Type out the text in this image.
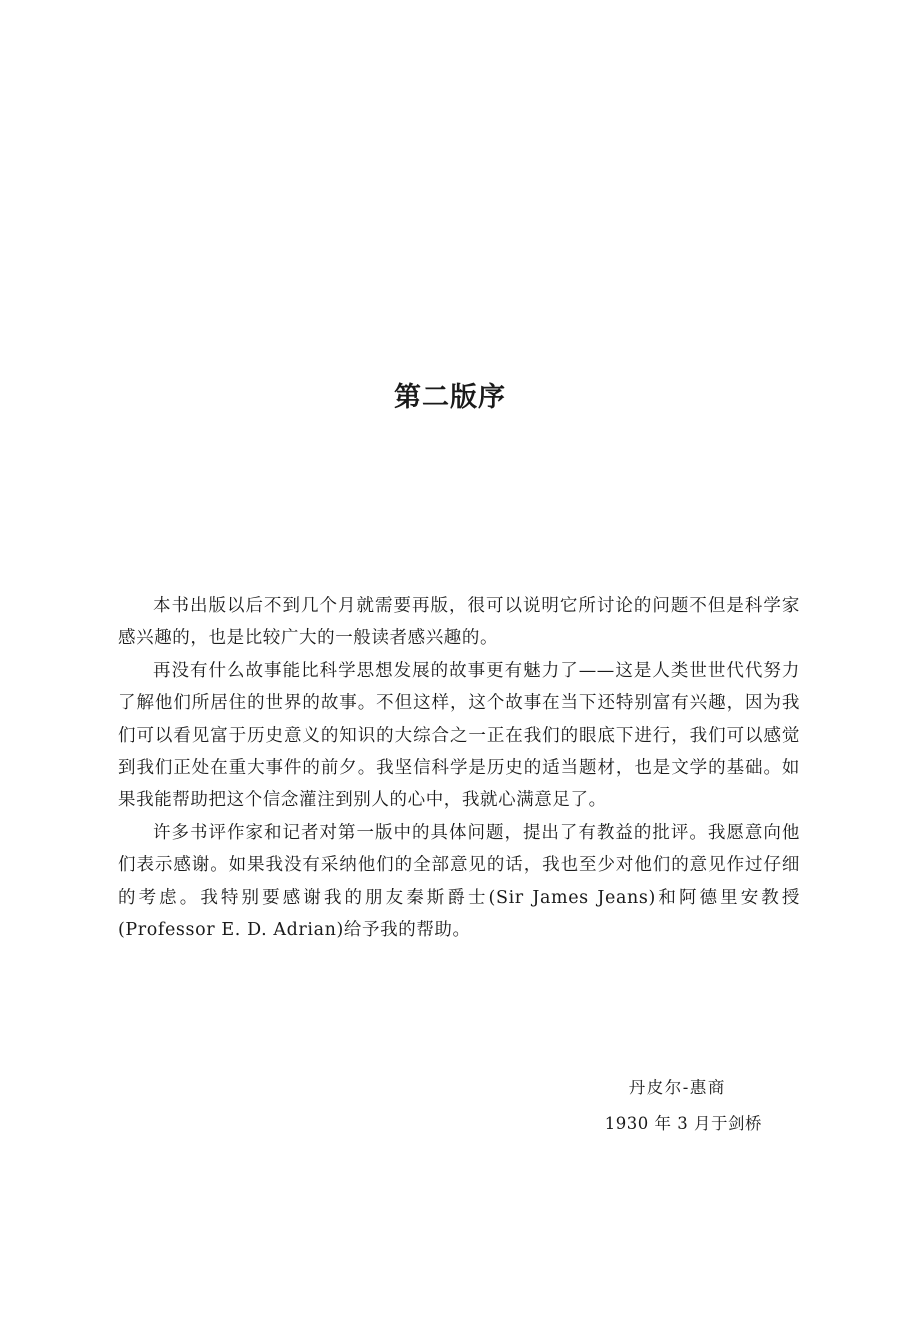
第二版序

本书出版以后不到几个月就需要再版，很可以说明它所讨论的问题不但是科学家感兴趣的，也是比较广大的一般读者感兴趣的。

再没有什么故事能比科学思想发展的故事更有魅力了——这是人类世世代代努力了解他们所居住的世界的故事。不但这样，这个故事在当下还特别富有兴趣，因为我们可以看见富于历史意义的知识的大综合之一正在我们的眼底下进行，我们可以感觉到我们正处在重大事件的前夕。我坚信科学是历史的适当题材，也是文学的基础。如果我能帮助把这个信念灌注到别人的心中，我就心满意足了。

许多书评作家和记者对第一版中的具体问题，提出了有教益的批评。我愿意向他们表示感谢。如果我没有采纳他们的全部意见的话，我也至少对他们的意见作过仔细的考虑。我特别要感谢我的朋友秦斯爵士(Sir James Jeans)和阿德里安教授(Professor E. D. Adrian)给予我的帮助。

丹皮尔-惠商
1930 年 3 月于剑桥
